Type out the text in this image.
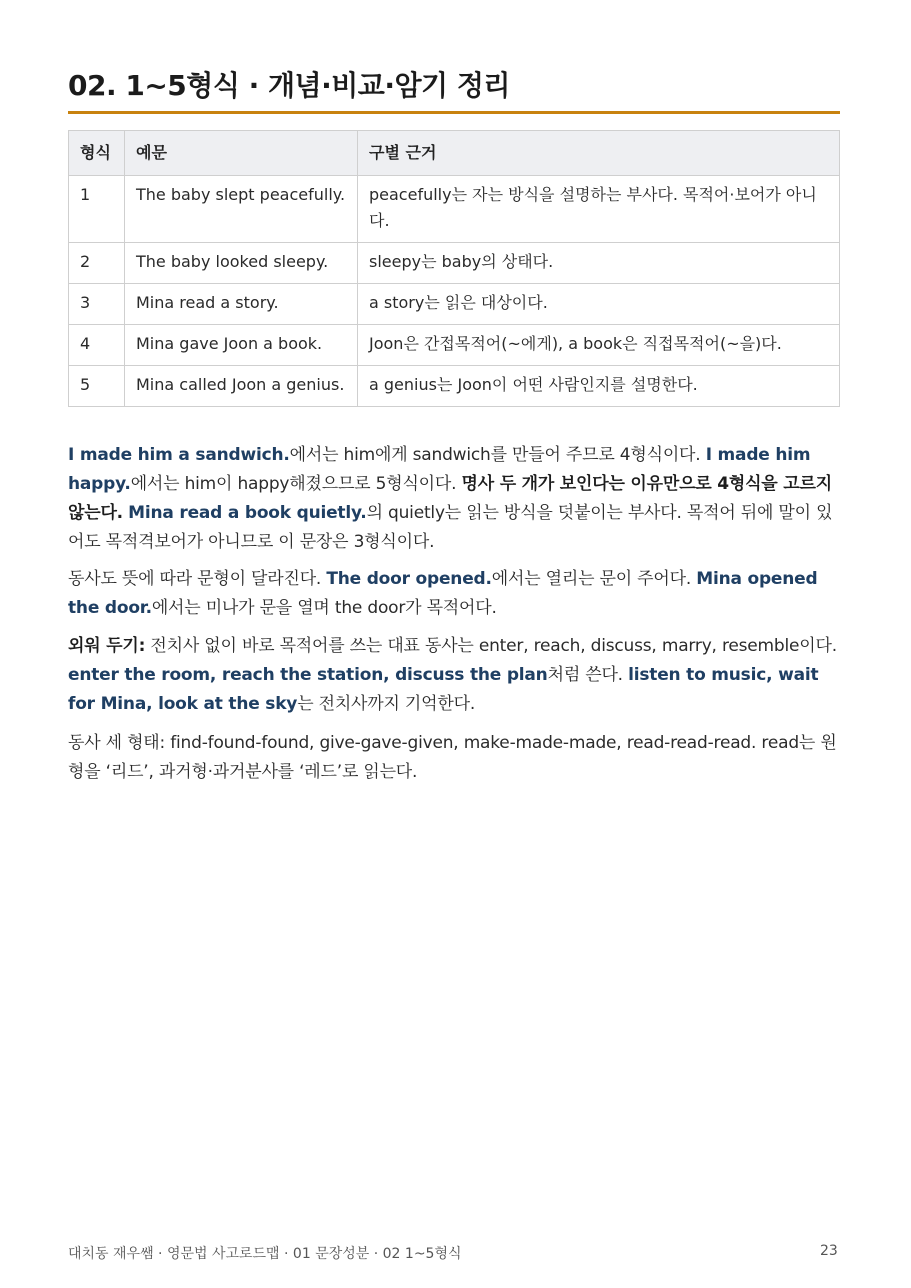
02. 1~5형식 · 개념·비교·암기 정리
형식	예문	구별 근거
1	The baby slept peacefully.	peacefully는 자는 방식을 설명하는 부사다. 목적어·보어가 아니다.
2	The baby looked sleepy.	sleepy는 baby의 상태다.
3	Mina read a story.	a story는 읽은 대상이다.
4	Mina gave Joon a book.	Joon은 간접목적어(~에게), a book은 직접목적어(~을)다.
5	Mina called Joon a genius.	a genius는 Joon이 어떤 사람인지를 설명한다.

I made him a sandwich.에서는 him에게 sandwich를 만들어 주므로 4형식이다. I made him happy.에서는 him이 happy해졌으므로 5형식이다. 명사 두 개가 보인다는 이유만으로 4형식을 고르지 않는다. Mina read a book quietly.의 quietly는 읽는 방식을 덧붙이는 부사다. 목적어 뒤에 말이 있어도 목적격보어가 아니므로 이 문장은 3형식이다.

동사도 뜻에 따라 문형이 달라진다. The door opened.에서는 열리는 문이 주어다. Mina opened the door.에서는 미나가 문을 열며 the door가 목적어다.

외워 두기: 전치사 없이 바로 목적어를 쓰는 대표 동사는 enter, reach, discuss, marry, resemble이다. enter the room, reach the station, discuss the plan처럼 쓴다. listen to music, wait for Mina, look at the sky는 전치사까지 기억한다.

동사 세 형태: find-found-found, give-gave-given, make-made-made, read-read-read. read는 원형을 ‘리드’, 과거형·과거분사를 ‘레드’로 읽는다.

대치동 재우쌤 · 영문법 사고로드맵 · 01 문장성분 · 02 1~5형식	23
